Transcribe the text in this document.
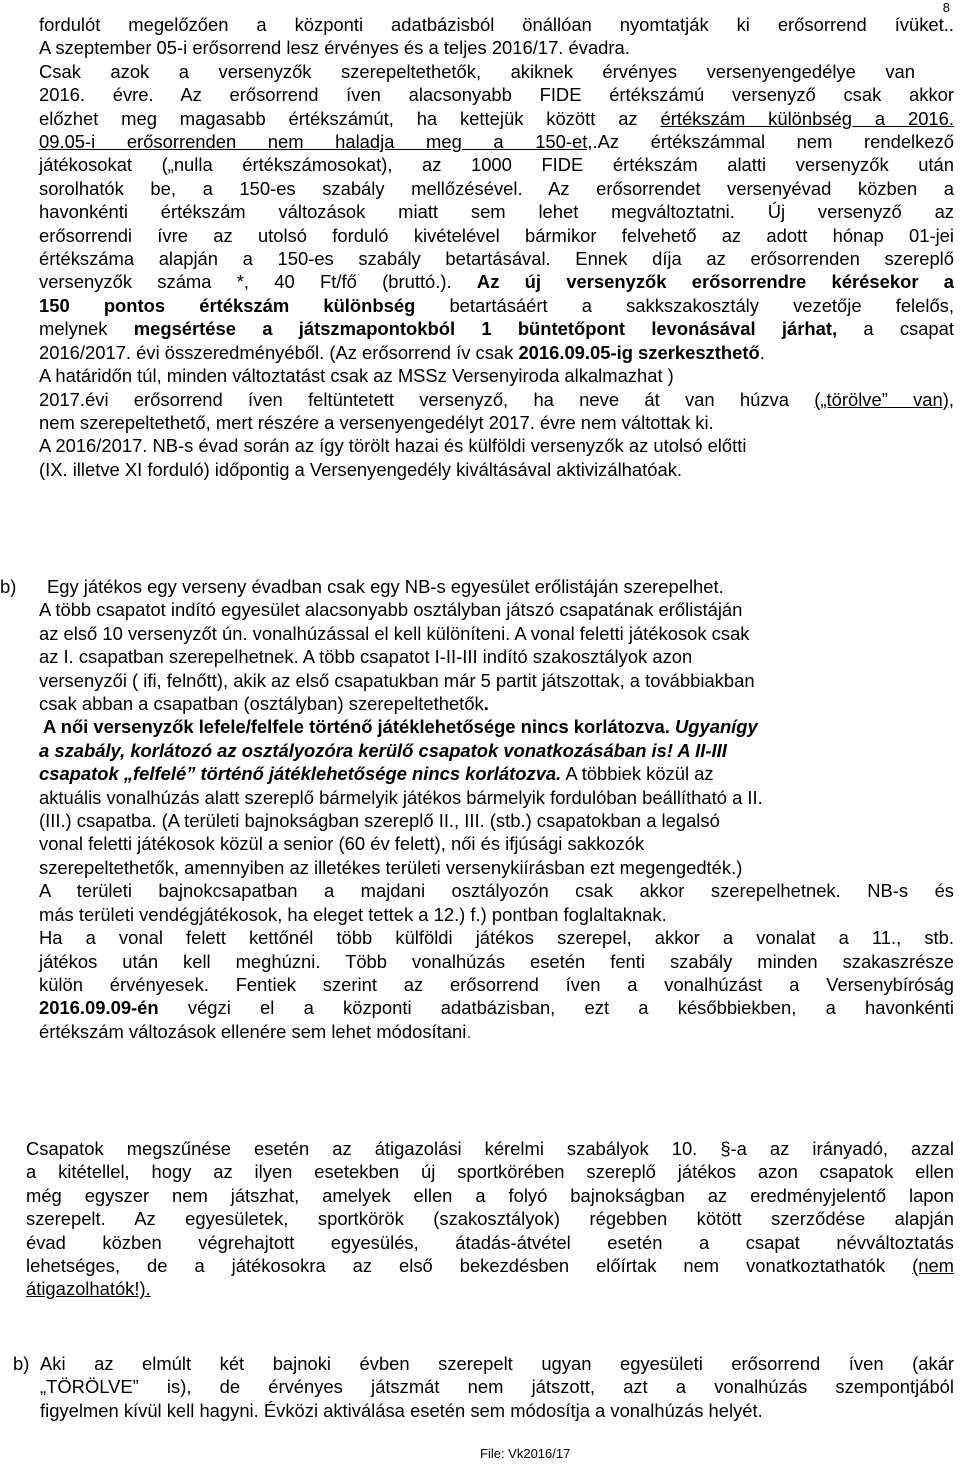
8
fordulót megelőzően a központi adatbázisból önállóan nyomtatják ki erősorrend ívüket..
A szeptember 05-i erősorrend lesz érvényes és a teljes 2016/17. évadra.
Csak azok a versenyzők szerepeltethetők, akiknek érvényes versenyengedélye van
2016. évre. Az erősorrend íven alacsonyabb FIDE értékszámú versenyző csak akkor
előzhet meg magasabb értékszámút, ha kettejük között az értékszám különbség a 2016.
09.05-i erősorrenden nem haladja meg a 150-et,.Az értékszámmal nem rendelkező
játékosokat („nulla értékszámosokat), az 1000 FIDE értékszám alatti versenyzők után
sorolhatók be, a 150-es szabály mellőzésével. Az erősorrendet versenyévad közben a
havonkénti értékszám változások miatt sem lehet megváltoztatni. Új versenyző az
erősorrendi ívre az utolsó forduló kivételével bármikor felvehető az adott hónap 01-jei
értékszáma alapján a 150-es szabály betartásával. Ennek díja az erősorrenden szereplő
versenyzők száma *, 40 Ft/fő (bruttó.). Az új versenyzők erősorrendre kérésekor a
150 pontos értékszám különbség betartásáért a sakkszakosztály vezetője felelős,
melynek megsértése a játszmapontokból 1 büntetőpont levonásával járhat, a csapat
2016/2017. évi összeredményéből. (Az erősorrend ív csak 2016.09.05-ig szerkeszthető.
A határidőn túl, minden változtatást csak az MSSz Versenyiroda alkalmazhat )
2017.évi erősorrend íven feltüntetett versenyző, ha neve át van húzva („törölve” van),
nem szerepeltethető, mert részére a versenyengedélyt 2017. évre nem váltottak ki.
A 2016/2017. NB-s évad során az így törölt hazai és külföldi versenyzők az utolsó előtti
(IX. illetve XI forduló) időpontig a Versenyengedély kiváltásával aktivizálhatóak.
b)	Egy játékos egy verseny évadban csak egy NB-s egyesület erőlistáján szerepelhet.
A több csapatot indító egyesület alacsonyabb osztályban játszó csapatának erőlistáján
az első 10 versenyzőt ún. vonalhúzással el kell különíteni. A vonal feletti játékosok csak
az I. csapatban szerepelhetnek. A több csapatot I-II-III indító szakosztályok azon
versenyzői ( ifi, felnőtt), akik az első csapatukban már 5 partit játszottak, a továbbiakban
csak abban a csapatban (osztályban) szerepeltethetők.
A női versenyzők lefele/felfele történő játéklehetősége nincs korlátozva. Ugyanígy
a szabály, korlátozó az osztályozóra kerülő csapatok vonatkozásában is! A II-III
csapatok „felfelé” történő játéklehetősége nincs korlátozva. A többiek közül az
aktuális vonalhúzás alatt szereplő bármelyik játékos bármelyik fordulóban beállítható a II.
(III.) csapatba. (A területi bajnokságban szereplő II., III. (stb.) csapatokban a legalsó
vonal feletti játékosok közül a senior (60 év felett), női és ifjúsági sakkozók
szerepeltethetők, amennyiben az illetékes területi versenykiírásban ezt megengedték.)
A területi bajnokcsapatban a majdani osztályozón csak akkor szerepelhetnek. NB-s és
más területi vendégjátékosok, ha eleget tettek a 12.) f.) pontban foglaltaknak.
Ha a vonal felett kettőnél több külföldi játékos szerepel, akkor a vonalat a 11., stb.
játékos után kell meghúzni. Több vonalhúzás esetén fenti szabály minden szakaszrésze
külön érvényesek. Fentiek szerint az erősorrend íven a vonalhúzást a Versenybíróság
2016.09.09-én végzi el a központi adatbázisban, ezt a későbbiekben, a havonkénti
értékszám változások ellenére sem lehet módosítani.
Csapatok megszűnése esetén az átigazolási kérelmi szabályok 10. §-a az irányadó, azzal
a kitétellel, hogy az ilyen esetekben új sportkörében szereplő játékos azon csapatok ellen
még egyszer nem játszhat, amelyek ellen a folyó bajnokságban az eredményjelentő lapon
szerepelt. Az egyesületek, sportkörök (szakosztályok) régebben kötött szerződése alapján
évad közben végrehajtott egyesülés, átadás-átvétel esetén a csapat névváltoztatás
lehetséges, de a játékosokra az első bekezdésben előírtak nem vonatkoztathatók (nem
átigazolhatók!).
b) Aki az elmúlt két bajnoki évben szerepelt ugyan egyesületi erősorrend íven (akár
„TÖRÖLVE” is), de érvényes játszmát nem játszott, azt a vonalhúzás szempontjából
figyelmen kívül kell hagyni. Évközi aktiválása esetén sem módosítja a vonalhúzás helyét.
File: Vk2016/17
